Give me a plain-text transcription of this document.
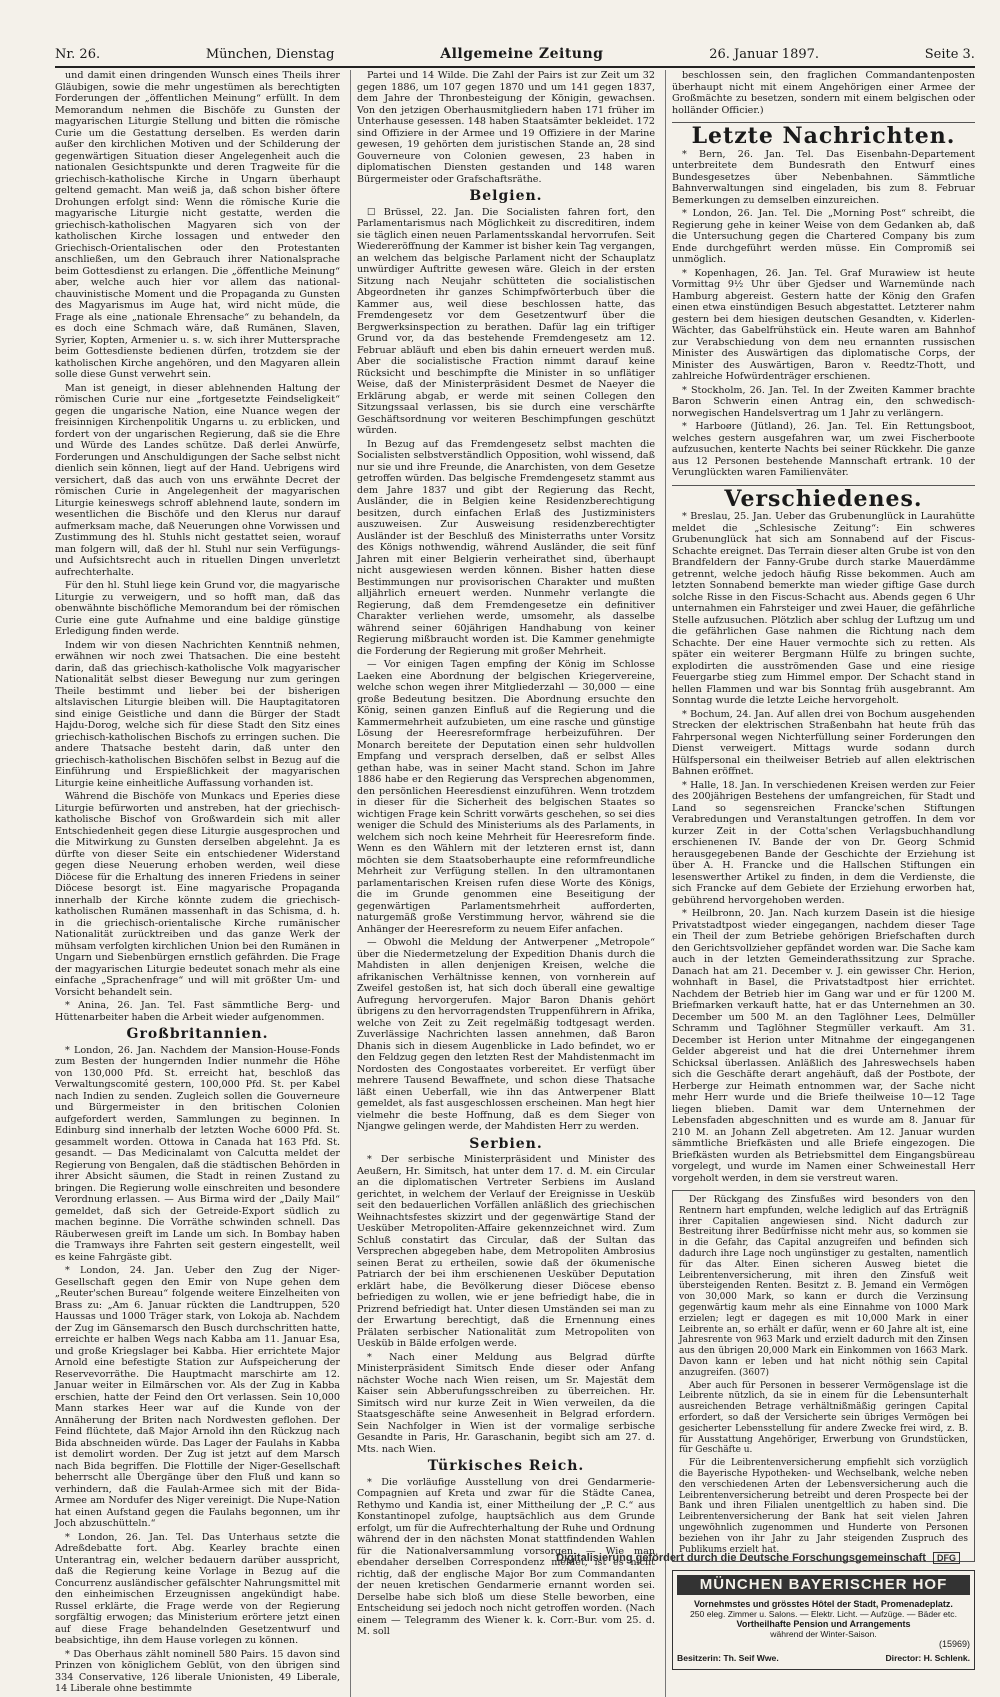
Nr. 26.	München, Dienstag	Allgemeine Zeitung	26. Januar 1897.	Seite 3.

und damit einen dringenden Wunsch eines Theils ihrer Gläubigen, sowie die mehr ungestümen als berechtigten Forderungen der „öffentlichen Meinung“ erfüllt. In dem Memorandum nehmen die Bischöfe zu Gunsten der magyarischen Liturgie Stellung und bitten die römische Curie um die Gestattung derselben. Es werden darin außer den kirchlichen Motiven und der Schilderung der gegenwärtigen Situation dieser Angelegenheit auch die nationalen Gesichtspunkte und deren Tragweite für die griechisch-katholische Kirche in Ungarn überhaupt geltend gemacht. Man weiß ja, daß schon bisher öftere Drohungen erfolgt sind: Wenn die römische Kurie die magyarische Liturgie nicht gestatte, werden die griechisch-katholischen Magyaren sich von der katholischen Kirche lossagen und entweder den Griechisch-Orientalischen oder den Protestanten anschließen, um den Gebrauch ihrer Nationalsprache beim Gottesdienst zu erlangen. Die „öffentliche Meinung“ aber, welche auch hier vor allem das national-chauvinistische Moment und die Propaganda zu Gunsten des Magyarismus im Auge hat, wird nicht müde, die Frage als eine „nationale Ehrensache“ zu behandeln, da es doch eine Schmach wäre, daß Rumänen, Slaven, Syrier, Kopten, Armenier u. s. w. sich ihrer Muttersprache beim Gottesdienste bedienen dürfen, trotzdem sie der katholischen Kirche angehören, und den Magyaren allein solle diese Gunst verwehrt sein.

Man ist geneigt, in dieser ablehnenden Haltung der römischen Curie nur eine „fortgesetzte Feindseligkeit“ gegen die ungarische Nation, eine Nuance wegen der freisinnigen Kirchenpolitik Ungarns u. zu erblicken, und fordert von der ungarischen Regierung, daß sie die Ehre und Würde des Landes schütze. Daß derlei Anwürfe, Forderungen und Anschuldigungen der Sache selbst nicht dienlich sein können, liegt auf der Hand. Uebrigens wird versichert, daß das auch von uns erwähnte Decret der römischen Curie in Angelegenheit der magyarischen Liturgie keineswegs schroff ablehnend laute, sondern im wesentlichen die Bischöfe und den Klerus nur darauf aufmerksam mache, daß Neuerungen ohne Vorwissen und Zustimmung des hl. Stuhls nicht gestattet seien, worauf man folgern will, daß der hl. Stuhl nur sein Verfügungs- und Aufsichtsrecht auch in rituellen Dingen unverletzt aufrechterhalte.

Für den hl. Stuhl liege kein Grund vor, die magyarische Liturgie zu verweigern, und so hofft man, daß das obenwähnte bischöfliche Memorandum bei der römischen Curie eine gute Aufnahme und eine baldige günstige Erledigung finden werde.

Indem wir von diesen Nachrichten Kenntniß nehmen, erwähnen wir noch zwei Thatsachen. Die eine besteht darin, daß das griechisch-katholische Volk magyarischer Nationalität selbst dieser Bewegung nur zum geringen Theile bestimmt und lieber bei der bisherigen altslavischen Liturgie bleiben will. Die Hauptagitatoren sind einige Geistliche und dann die Bürger der Stadt Hajdu-Dorog, welche sich für diese Stadt den Sitz eines griechisch-katholischen Bischofs zu erringen suchen. Die andere Thatsache besteht darin, daß unter den griechisch-katholischen Bischöfen selbst in Bezug auf die Einführung und Erspießlichkeit der magyarischen Liturgie keine einheitliche Auffassung vorhanden ist.

Während die Bischöfe von Munkacs und Eperies diese Liturgie befürworten und anstreben, hat der griechisch-katholische Bischof von Großwardein sich mit aller Entschiedenheit gegen diese Liturgie ausgesprochen und die Mitwirkung zu Gunsten derselben abgelehnt. Ja es dürfte von dieser Seite ein entschiedener Widerstand gegen diese Neuerung erhoben werden, weil diese Diöcese für die Erhaltung des inneren Friedens in seiner Diöcese besorgt ist. Eine magyarische Propaganda innerhalb der Kirche könnte zudem die griechisch-katholischen Rumänen massenhaft in das Schisma, d. h. in die griechisch-orientalische Kirche rumänischer Nationalität zurücktreiben und das ganze Werk der mühsam verfolgten kirchlichen Union bei den Rumänen in Ungarn und Siebenbürgen ernstlich gefährden. Die Frage der magyarischen Liturgie bedeutet sonach mehr als eine einfache „Sprachenfrage“ und will mit größter Um- und Vorsicht behandelt sein.

* Anina, 26. Jan. Tel. Fast sämmtliche Berg- und Hüttenarbeiter haben die Arbeit wieder aufgenommen.

Großbritannien.

* London, 26. Jan. Nachdem der Mansion-House-Fonds zum Besten der hungernden Indier nunmehr die Höhe von 130,000 Pfd. St. erreicht hat, beschloß das Verwaltungscomité gestern, 100,000 Pfd. St. per Kabel nach Indien zu senden. Zugleich sollen die Gouverneure und Bürgermeister in den britischen Colonien aufgefordert werden, Sammlungen zu beginnen. In Edinburg sind innerhalb der letzten Woche 6000 Pfd. St. gesammelt worden. Ottowa in Canada hat 163 Pfd. St. gesandt. — Das Medicinalamt von Calcutta meldet der Regierung von Bengalen, daß die städtischen Behörden in ihrer Absicht säumen, die Stadt in reinen Zustand zu bringen. Die Regierung wolle einschreiten und besondere Verordnung erlassen. — Aus Birma wird der „Daily Mail“ gemeldet, daß sich der Getreide-Export südlich zu machen beginne. Die Vorräthe schwinden schnell. Das Räuberwesen greift im Lande um sich. In Bombay haben die Tramways ihre Fahrten seit gestern eingestellt, weil es keine Fahrgäste gibt.

* London, 24. Jan. Ueber den Zug der Niger-Gesellschaft gegen den Emir von Nupe gehen dem „Reuter'schen Bureau“ folgende weitere Einzelheiten von Brass zu: „Am 6. Januar rückten die Landtruppen, 520 Haussas und 1000 Träger stark, von Lokoja ab. Nachdem der Zug im Gänsemarsch den Busch durchschritten hatte, erreichte er halben Wegs nach Kabba am 11. Januar Esa, und große Kriegslager bei Kabba. Hier errichtete Major Arnold eine befestigte Station zur Aufspeicherung der Reservevorräthe. Die Hauptmacht marschirte am 12. Januar weiter in Eilmärschen vor. Als der Zug in Kabba erschien, hatte der Feind den Ort verlassen. Sein 10,000 Mann starkes Heer war auf die Kunde von der Annäherung der Briten nach Nordwesten geflohen. Der Feind flüchtete, daß Major Arnold ihn den Rückzug nach Bida abschneiden würde. Das Lager der Faulahs in Kabba ist demolirt worden. Der Zug ist jetzt auf dem Marsch nach Bida begriffen. Die Flottille der Niger-Gesellschaft beherrscht alle Übergänge über den Fluß und kann so verhindern, daß die Faulah-Armee sich mit der Bida-Armee am Nordufer des Niger vereinigt. Die Nupe-Nation hat einen Aufstand gegen die Faulahs begonnen, um ihr Joch abzuschütteln.“

* London, 26. Jan. Tel. Das Unterhaus setzte die Adreßdebatte fort. Abg. Kearley brachte einen Unterantrag ein, welcher bedauern darüber ausspricht, daß die Regierung keine Vorlage in Bezug auf die Concurrenz ausländischer gefälschter Nahrungsmittel mit den einheimischen Erzeugnissen angekündigt habe. Russel erklärte, die Frage werde von der Regierung sorgfältig erwogen; das Ministerium erörtere jetzt einen auf diese Frage behandelnden Gesetzentwurf und beabsichtige, ihn dem Hause vorlegen zu können.

* Das Oberhaus zählt nominell 580 Pairs. 15 davon sind Prinzen von königlichem Geblüt, von den übrigen sind 334 Conservative, 126 liberale Unionisten, 49 Liberale, 14 Liberale ohne bestimmte

Partei und 14 Wilde. Die Zahl der Pairs ist zur Zeit um 32 gegen 1886, um 107 gegen 1870 und um 141 gegen 1837, dem Jahre der Thronbesteigung der Königin, gewachsen. Von den jetzigen Oberhausmitgliedern haben 171 früher im Unterhause gesessen. 148 haben Staatsämter bekleidet. 172 sind Offiziere in der Armee und 19 Offiziere in der Marine gewesen, 19 gehörten dem juristischen Stande an, 28 sind Gouverneure von Colonien gewesen, 23 haben in diplomatischen Diensten gestanden und 148 waren Bürgermeister oder Grafschaftsräthe.

Belgien.

☐ Brüssel, 22. Jan. Die Socialisten fahren fort, den Parlamentarismus nach Möglichkeit zu discreditiren, indem sie täglich einen neuen Parlamentsskandal hervorrufen. Seit Wiedereröffnung der Kammer ist bisher kein Tag vergangen, an welchem das belgische Parlament nicht der Schauplatz unwürdiger Auftritte gewesen wäre. Gleich in der ersten Sitzung nach Neujahr schütteten die socialistischen Abgeordneten ihr ganzes Schimpfwörterbuch über die Kammer aus, weil diese beschlossen hatte, das Fremdengesetz vor dem Gesetzentwurf über die Bergwerksinspection zu berathen. Dafür lag ein triftiger Grund vor, da das bestehende Fremdengesetz am 12. Februar abläuft und eben bis dahin erneuert werden muß. Aber die socialistische Fraction nimmt darauf keine Rücksicht und beschimpfte die Minister in so unflätiger Weise, daß der Ministerpräsident Desmet de Naeyer die Erklärung abgab, er werde mit seinen Collegen den Sitzungssaal verlassen, bis sie durch eine verschärfte Geschäftsordnung vor weiteren Beschimpfungen geschützt würden.

In Bezug auf das Fremdengesetz selbst machten die Socialisten selbstverständlich Opposition, wohl wissend, daß nur sie und ihre Freunde, die Anarchisten, von dem Gesetze getroffen würden. Das belgische Fremdengesetz stammt aus dem Jahre 1837 und gibt der Regierung das Recht, Ausländer, die in Belgien keine Residenzberechtigung besitzen, durch einfachen Erlaß des Justizministers auszuweisen. Zur Ausweisung residenzberechtigter Ausländer ist der Beschluß des Ministerraths unter Vorsitz des Königs nothwendig, während Ausländer, die seit fünf Jahren mit einer Belgierin verheirathet sind, überhaupt nicht ausgewiesen werden können. Bisher hatten diese Bestimmungen nur provisorischen Charakter und mußten alljährlich erneuert werden. Nunmehr verlangte die Regierung, daß dem Fremdengesetze ein definitiver Charakter verliehen werde, umsomehr, als dasselbe während seiner 60jährigen Handhabung von keiner Regierung mißbraucht worden ist. Die Kammer genehmigte die Forderung der Regierung mit großer Mehrheit.

— Vor einigen Tagen empfing der König im Schlosse Laeken eine Abordnung der belgischen Kriegervereine, welche schon wegen ihrer Mitgliederzahl — 30,000 — eine große Bedeutung besitzen. Die Abordnung ersuchte den König, seinen ganzen Einfluß auf die Regierung und die Kammermehrheit aufzubieten, um eine rasche und günstige Lösung der Heeresreformfrage herbeizuführen. Der Monarch bereitete der Deputation einen sehr huldvollen Empfang und versprach derselben, daß er selbst Alles gethan habe, was in seiner Macht stand. Schon im Jahre 1886 habe er den Regierung das Versprechen abgenommen, den persönlichen Heeresdienst einzuführen. Wenn trotzdem in dieser für die Sicherheit des belgischen Staates so wichtigen Frage kein Schritt vorwärts geschehen, so sei dies weniger die Schuld des Ministeriums als des Parlaments, in welchem sich noch keine Mehrheit für Heeresreform finde. Wenn es den Wählern mit der letzteren ernst ist, dann möchten sie dem Staatsoberhaupte eine reformfreundliche Mehrheit zur Verfügung stellen. In den ultramontanen parlamentarischen Kreisen rufen diese Worte des Königs, die im Grunde genommen eine Beseitigung der gegenwärtigen Parlamentsmehrheit aufforderten, naturgemäß große Verstimmung hervor, während sie die Anhänger der Heeresreform zu neuem Eifer anfachen.

— Obwohl die Meldung der Antwerpener „Metropole“ über die Niedermetzelung der Expedition Dhanis durch die Mahdisten in allen denjenigen Kreisen, welche die afrikanischen Verhältnisse kennen, von vornherein auf Zweifel gestoßen ist, hat sich doch überall eine gewaltige Aufregung hervorgerufen. Major Baron Dhanis gehört übrigens zu den hervorragendsten Truppenführern in Afrika, welche von Zeit zu Zeit regelmäßig todtgesagt werden. Zuverlässige Nachrichten lassen annehmen, daß Baron Dhanis sich in diesem Augenblicke in Lado befindet, wo er den Feldzug gegen den letzten Rest der Mahdistenmacht im Nordosten des Congostaates vorbereitet. Er verfügt über mehrere Tausend Bewaffnete, und schon diese Thatsache läßt einen Ueberfall, wie ihn das Antwerpener Blatt gemeldet, als fast ausgeschlossen erscheinen. Man hegt hier vielmehr die beste Hoffnung, daß es dem Sieger von Njangwe gelingen werde, der Mahdisten Herr zu werden.

Serbien.

* Der serbische Ministerpräsident und Minister des Aeußern, Hr. Simitsch, hat unter dem 17. d. M. ein Circular an die diplomatischen Vertreter Serbiens im Ausland gerichtet, in welchem der Verlauf der Ereignisse in Uesküb seit den bedauerlichen Vorfällen anläßlich des griechischen Weihnachtsfestes skizzirt und der gegenwärtige Stand der Uesküber Metropoliten-Affaire gekennzeichnet wird. Zum Schluß constatirt das Circular, daß der Sultan das Versprechen abgegeben habe, dem Metropoliten Ambrosius seinen Berat zu ertheilen, sowie daß der ökumenische Patriarch der bei ihm erschienenen Uesküber Deputation erklärt habe, die Bevölkerung dieser Diöcese ebenso befriedigen zu wollen, wie er jene befriedigt habe, die in Prizrend befriedigt hat. Unter diesen Umständen sei man zu der Erwartung berechtigt, daß die Ernennung eines Prälaten serbischer Nationalität zum Metropoliten von Uesküb in Bälde erfolgen werde.

* Nach einer Meldung aus Belgrad dürfte Ministerpräsident Simitsch Ende dieser oder Anfang nächster Woche nach Wien reisen, um Sr. Majestät dem Kaiser sein Abberufungsschreiben zu überreichen. Hr. Simitsch wird nur kurze Zeit in Wien verweilen, da die Staatsgeschäfte seine Anwesenheit in Belgrad erfordern. Sein Nachfolger in Wien ist der vormalige serbische Gesandte in Paris, Hr. Garaschanin, begibt sich am 27. d. Mts. nach Wien.

Türkisches Reich.

* Die vorläufige Ausstellung von drei Gendarmerie-Compagnien auf Kreta und zwar für die Städte Canea, Rethymo und Kandia ist, einer Mittheilung der „P. C.“ aus Konstantinopel zufolge, hauptsächlich aus dem Grunde erfolgt, um für die Aufrechterhaltung der Ruhe und Ordnung während der in den nächsten Monat stattfindenden Wahlen für die Nationalversammlung vorsorgen. — Wie man ebendaher derselben Correspondenz meldet, ist es nicht richtig, daß der englische Major Bor zum Commandanten der neuen kretischen Gendarmerie ernannt worden sei. Derselbe habe sich bloß um diese Stelle beworben, eine Entscheidung sei jedoch noch nicht getroffen worden. (Nach einem — Telegramm des Wiener k. k. Corr.-Bur. vom 25. d. M. soll

beschlossen sein, den fraglichen Commandantenposten überhaupt nicht mit einem Angehörigen einer Armee der Großmächte zu besetzen, sondern mit einem belgischen oder holländer Officier.)

Letzte Nachrichten.

* Bern, 26. Jan. Tel. Das Eisenbahn-Departement unterbreitete dem Bundesrath den Entwurf eines Bundesgesetzes über Nebenbahnen. Sämmtliche Bahnverwaltungen sind eingeladen, bis zum 8. Februar Bemerkungen zu demselben einzureichen.

* London, 26. Jan. Tel. Die „Morning Post“ schreibt, die Regierung gehe in keiner Weise von dem Gedanken ab, daß die Untersuchung gegen die Chartered Company bis zum Ende durchgeführt werden müsse. Ein Compromiß sei unmöglich.

* Kopenhagen, 26. Jan. Tel. Graf Murawiew ist heute Vormittag 9½ Uhr über Gjedser und Warnemünde nach Hamburg abgereist. Gestern hatte der König den Grafen einen etwa einstündigen Besuch abgestattet. Letzterer nahm gestern bei dem hiesigen deutschen Gesandten, v. Kiderlen-Wächter, das Gabelfrühstück ein. Heute waren am Bahnhof zur Verabschiedung von dem neu ernannten russischen Minister des Auswärtigen das diplomatische Corps, der Minister des Auswärtigen, Baron v. Reedtz-Thott, und zahlreiche Hofwürdenträger erschienen.

* Stockholm, 26. Jan. Tel. In der Zweiten Kammer brachte Baron Schwerin einen Antrag ein, den schwedisch-norwegischen Handelsvertrag um 1 Jahr zu verlängern.

* Harboøre (Jütland), 26. Jan. Tel. Ein Rettungsboot, welches gestern ausgefahren war, um zwei Fischerboote aufzusuchen, kenterte Nachts bei seiner Rückkehr. Die ganze aus 12 Personen bestehende Mannschaft ertrank. 10 der Verunglückten waren Familienväter.

Verschiedenes.

* Breslau, 25. Jan. Ueber das Grubenunglück in Laurahütte meldet die „Schlesische Zeitung“: Ein schweres Grubenunglück hat sich am Sonnabend auf der Fiscus-Schachte ereignet. Das Terrain dieser alten Grube ist von den Brandfeldern der Fanny-Grube durch starke Mauerdämme getrennt, welche jedoch häufig Risse bekommen. Auch am letzten Sonnabend bemerkte man wieder giftige Gase durch solche Risse in den Fiscus-Schacht aus. Abends gegen 6 Uhr unternahmen ein Fahrsteiger und zwei Hauer, die gefährliche Stelle aufzusuchen. Plötzlich aber schlug der Luftzug um und die gefährlichen Gase nahmen die Richtung nach dem Schachte. Der eine Hauer vermochte sich zu retten. Als später ein weiterer Bergmann Hülfe zu bringen suchte, explodirten die ausströmenden Gase und eine riesige Feuergarbe stieg zum Himmel empor. Der Schacht stand in hellen Flammen und war bis Sonntag früh ausgebrannt. Am Sonntag wurde die letzte Leiche hervorgeholt.

* Bochum, 24. Jan. Auf allen drei von Bochum ausgehenden Strecken der elektrischen Straßenbahn hat heute früh das Fahrpersonal wegen Nichterfüllung seiner Forderungen den Dienst verweigert. Mittags wurde sodann durch Hülfspersonal ein theilweiser Betrieb auf allen elektrischen Bahnen eröffnet.

* Halle, 18. Jan. In verschiedenen Kreisen werden zur Feier des 200jährigen Bestehens der umfangreichen, für Stadt und Land so segensreichen Francke'schen Stiftungen Verabredungen und Veranstaltungen getroffen. In dem vor kurzer Zeit in der Cotta'schen Verlagsbuchhandlung erschienenen IV. Bande der von Dr. Georg Schmid herausgegebenen Bande der Geschichte der Erziehung ist über A. H. Francke und die Hallschen Stiftungen ein lesenswerther Artikel zu finden, in dem die Verdienste, die sich Francke auf dem Gebiete der Erziehung erworben hat, gebührend hervorgehoben werden.

* Heilbronn, 20. Jan. Nach kurzem Dasein ist die hiesige Privatstadtpost wieder eingegangen, nachdem dieser Tage ein Theil der zum Betriebe gehörigen Briefschaften durch den Gerichtsvollzieher gepfändet worden war. Die Sache kam auch in der letzten Gemeinderathssitzung zur Sprache. Danach hat am 21. December v. J. ein gewisser Chr. Herion, wohnhaft in Basel, die Privatstadtpost hier errichtet. Nachdem der Betrieb hier im Gang war und er für 1200 M. Briefmarken verkauft hatte, hat er das Unternehmen an 30. December um 500 M. an den Taglöhner Lees, Delmüller Schramm und Taglöhner Stegmüller verkauft. Am 31. December ist Herion unter Mitnahme der eingegangenen Gelder abgereist und hat die drei Unternehmer ihrem Schicksal überlassen. Anläßlich des Jahreswechsels haben sich die Geschäfte derart angehäuft, daß der Postbote, der Herberge zur Heimath entnommen war, der Sache nicht mehr Herr wurde und die Briefe theilweise 10—12 Tage liegen blieben. Damit war dem Unternehmen der Lebensfaden abgeschnitten und es wurde am 8. Januar für 210 M. an Johann Zell abgetreten. Am 12. Januar wurden sämmtliche Briefkästen und alle Briefe eingezogen. Die Briefkästen wurden als Betriebsmittel dem Eingangsbüreau vorgelegt, und wurde im Namen einer Schweinestall Herr vorgeholt werden, in dem sie verstreut waren.

Der Rückgang des Zinsfußes wird besonders von den Rentnern hart empfunden, welche lediglich auf das Erträgniß ihrer Capitalien angewiesen sind. Nicht dadurch zur Bestreitung ihrer Bedürfnisse nicht mehr aus, so kommen sie in die Gefahr, das Capital anzugreifen und befinden sich dadurch ihre Lage noch ungünstiger zu gestalten, namentlich für das Alter. Einen sicheren Ausweg bietet die Leibrentenversicherung, mit ihren den Zinsfuß weit übersteigenden Renten. Besitzt z. B. Jemand ein Vermögen von 30,000 Mark, so kann er durch die Verzinsung gegenwärtig kaum mehr als eine Einnahme von 1000 Mark erzielen; legt er dagegen es mit 10,000 Mark in einer Leibrente an, so erhält er dafür, wenn er 60 Jahre alt ist, eine Jahresrente von 963 Mark und erzielt dadurch mit den Zinsen aus den übrigen 20,000 Mark ein Einkommen von 1663 Mark. Davon kann er leben und hat nicht nöthig sein Capital anzugreifen. (3607)

Aber auch für Personen in besserer Vermögenslage ist die Leibrente nützlich, da sie in einem für die Lebensunterhalt ausreichenden Betrage verhältnißmäßig geringen Capital erfordert, so daß der Versicherte sein übriges Vermögen bei gesicherter Lebensstellung für andere Zwecke frei wird, z. B. für Ausstattung Angehöriger, Erwerbung von Grundstücken, für Geschäfte u.

Für die Leibrentenversicherung empfiehlt sich vorzüglich die Bayerische Hypotheken- und Wechselbank, welche neben den verschiedenen Arten der Lebensversicherung auch die Leibrentenversicherung betreibt und deren Prospecte bei der Bank und ihren Filialen unentgeltlich zu haben sind. Die Leibrentenversicherung der Bank hat seit vielen Jahren ungewöhnlich zugenommen und Hunderte von Personen beziehen von ihr Jahr zu Jahr steigenden Zuspruch des Publikums erzielt hat.

MÜNCHEN BAYERISCHER HOF
Vornehmstes und grösstes Hôtel der Stadt, Promenadeplatz.
250 eleg. Zimmer u. Salons. — Elektr. Licht. — Aufzüge. — Bäder etc.
Vortheilhafte Pension und Arrangements
während der Winter-Saison.
(15969)
Besitzerin: Th. Seif Wwe.	Director: H. Schlenk.
Digitalisierung gefördert durch die Deutsche Forschungsgemeinschaft DFG
